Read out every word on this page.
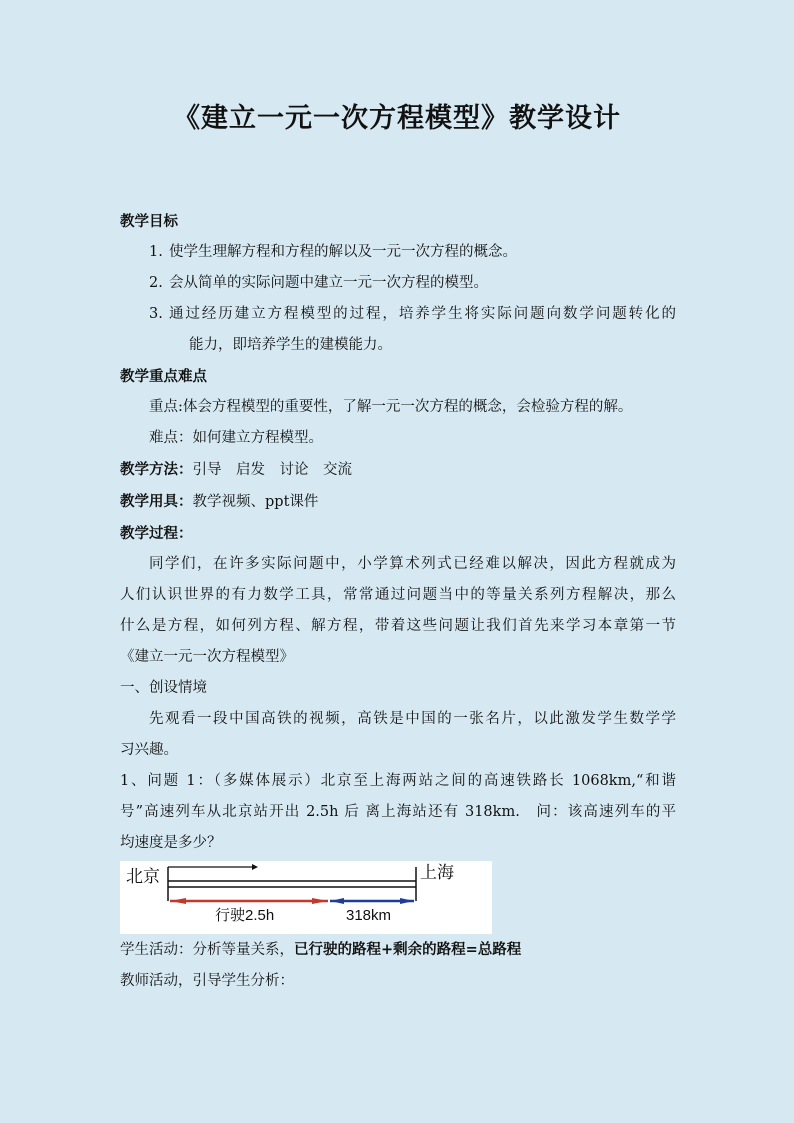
《建立一元一次方程模型》教学设计

教学目标

1. 使学生理解方程和方程的解以及一元一次方程的概念。
2. 会从简单的实际问题中建立一元一次方程的模型。
3. 通过经历建立方程模型的过程，培养学生将实际问题向数学问题转化的
能力，即培养学生的建模能力。

教学重点难点

重点:体会方程模型的重要性，了解一元一次方程的概念，会检验方程的解。

难点：如何建立方程模型。

教学方法：引导　启发　讨论　交流

教学用具：教学视频、ppt课件

教学过程：

同学们，在许多实际问题中，小学算术列式已经难以解决，因此方程就成为

人们认识世界的有力数学工具，常常通过问题当中的等量关系列方程解决，那么

什么是方程，如何列方程、解方程，带着这些问题让我们首先来学习本章第一节

《建立一元一次方程模型》

一、创设情境

先观看一段中国高铁的视频，高铁是中国的一张名片，以此激发学生数学学

习兴趣。

1、问题 1：（多媒体展示）北京至上海两站之间的高速铁路长 1068km,“和谐

号”高速列车从北京站开出 2.5h 后 离上海站还有 318km.　问：该高速列车的平

均速度是多少？

北京	上海
行驶2.5h	318km

学生活动：分析等量关系，已行驶的路程+剩余的路程=总路程

教师活动，引导学生分析：
